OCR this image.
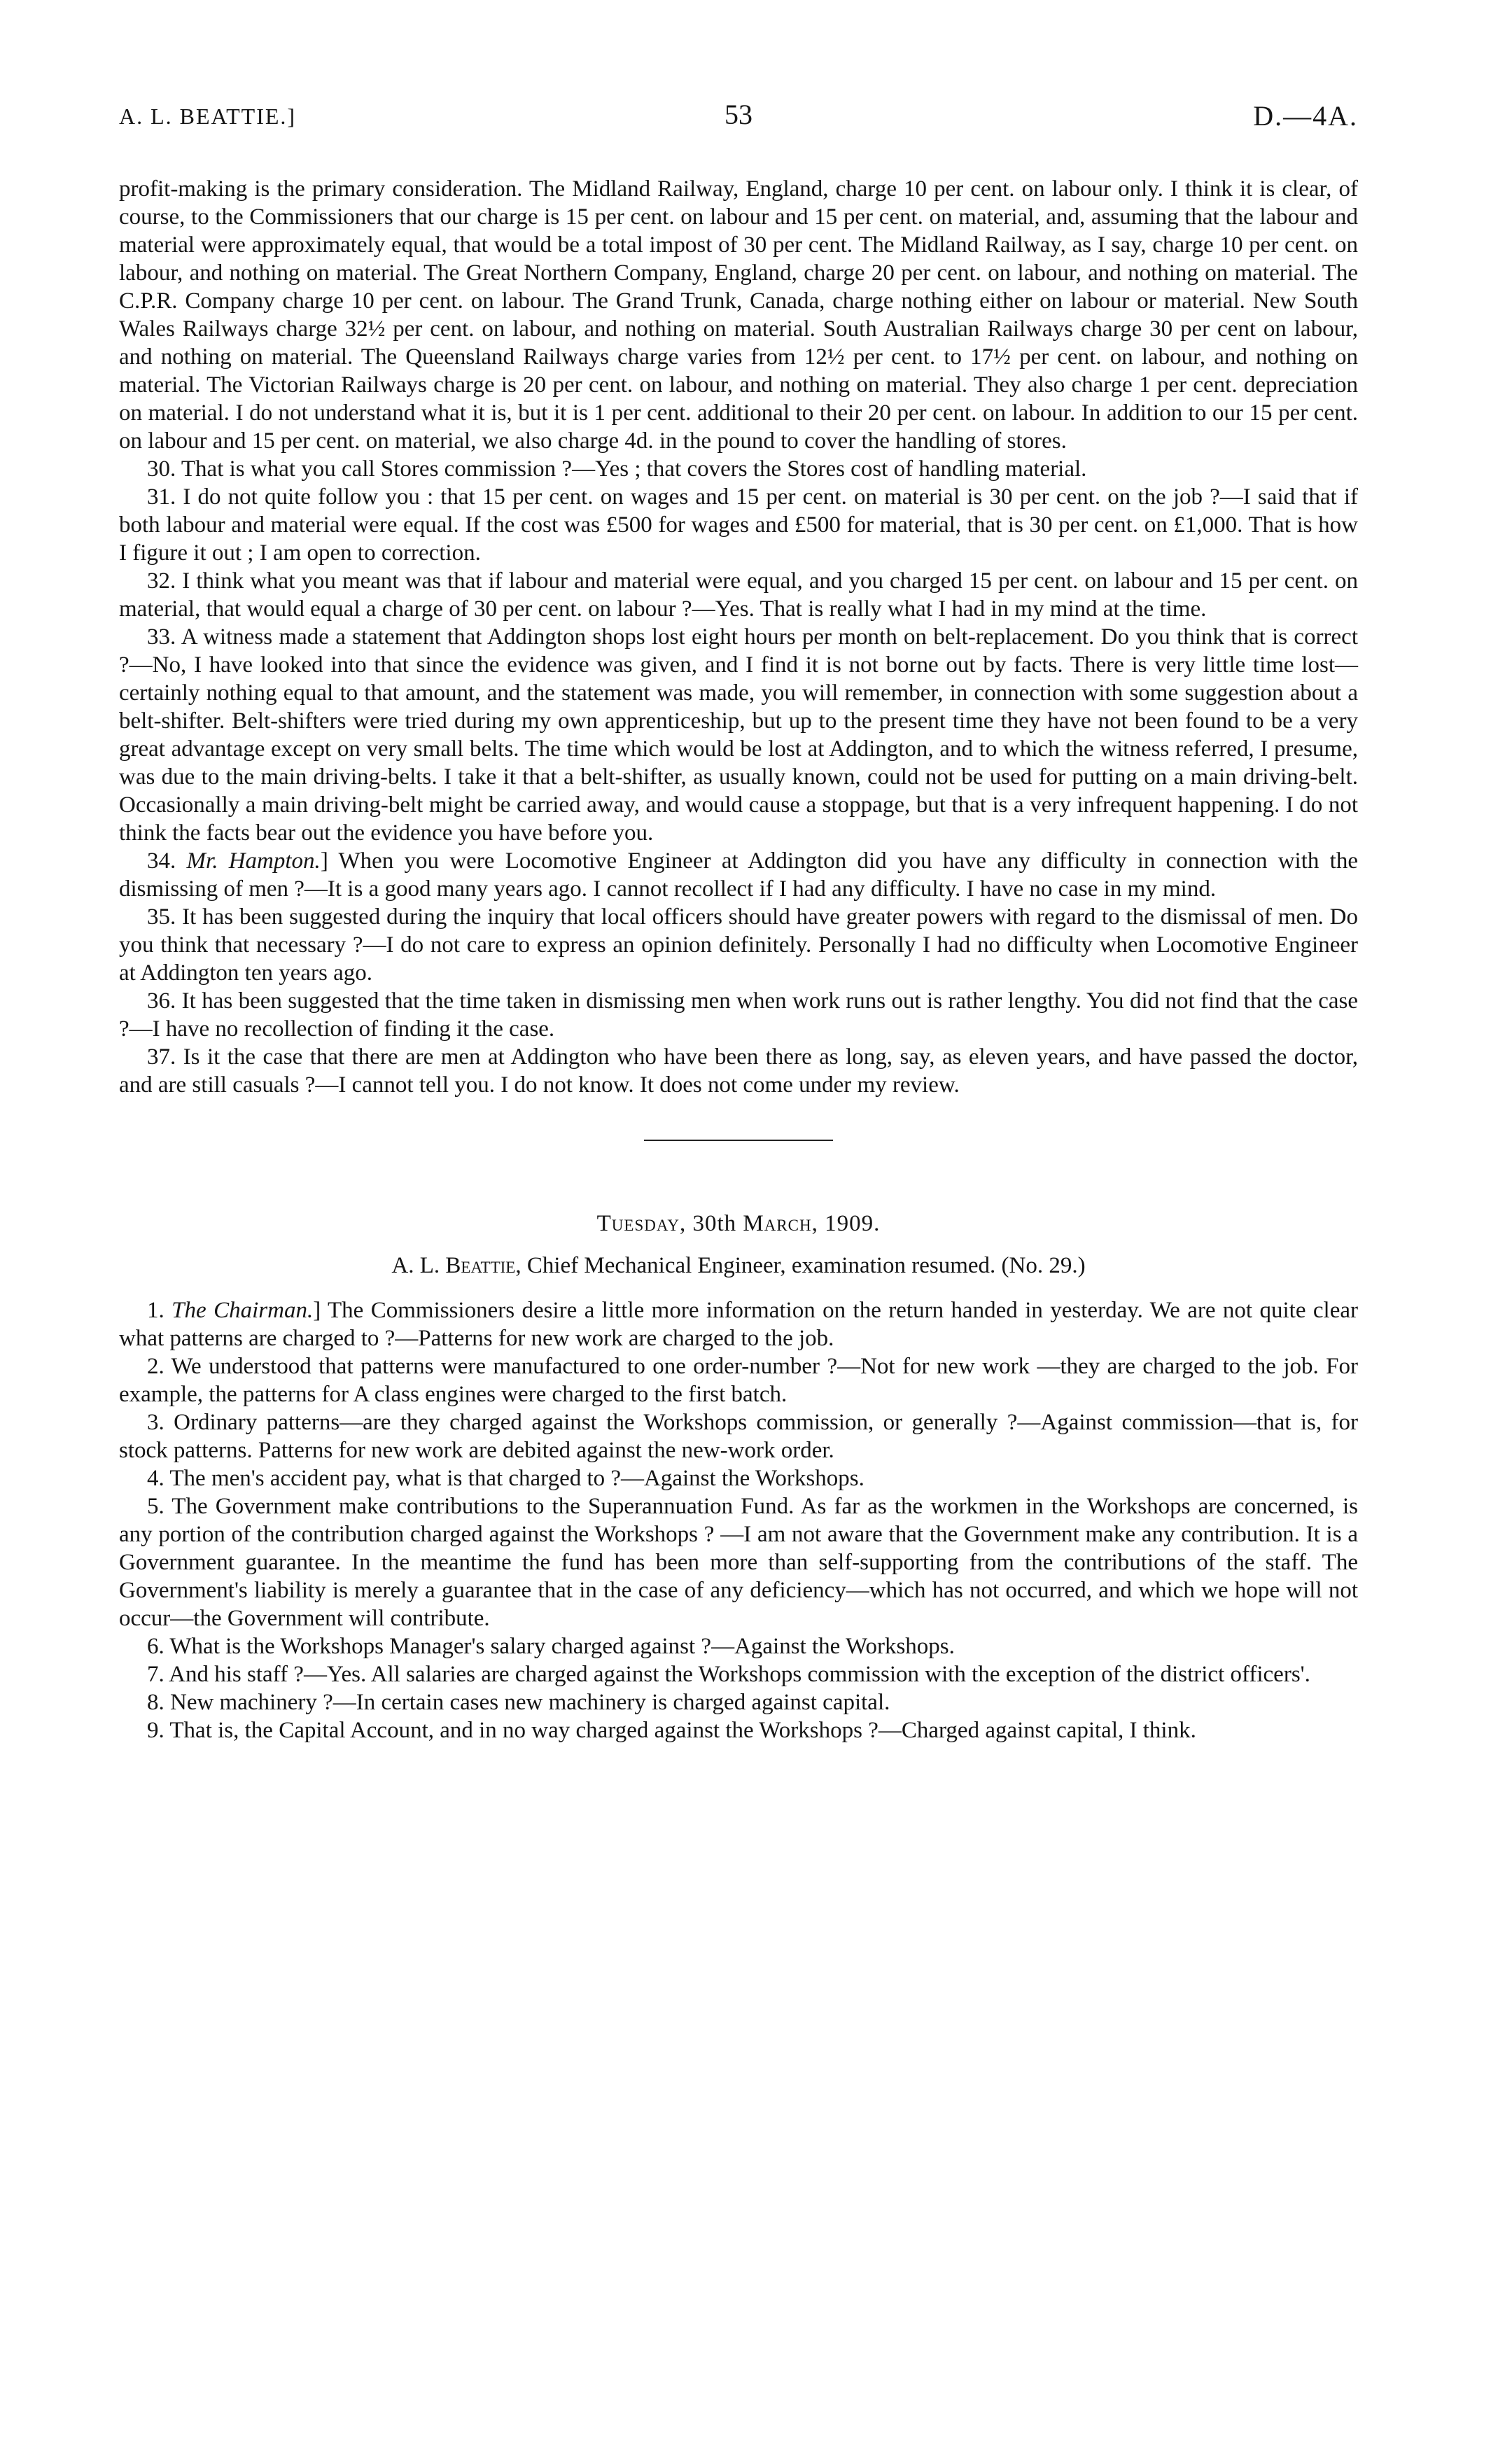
A. L. BEATTIE.]	53	D.—4A.

profit-making is the primary consideration. The Midland Railway, England, charge 10 per cent. on labour only. I think it is clear, of course, to the Commissioners that our charge is 15 per cent. on labour and 15 per cent. on material, and, assuming that the labour and material were approximately equal, that would be a total impost of 30 per cent. The Midland Railway, as I say, charge 10 per cent. on labour, and nothing on material. The Great Northern Company, England, charge 20 per cent. on labour, and nothing on material. The C.P.R. Company charge 10 per cent. on labour. The Grand Trunk, Canada, charge nothing either on labour or material. New South Wales Railways charge 32½ per cent. on labour, and nothing on material. South Australian Railways charge 30 per cent on labour, and nothing on material. The Queensland Railways charge varies from 12½ per cent. to 17½ per cent. on labour, and nothing on material. The Victorian Railways charge is 20 per cent. on labour, and nothing on material. They also charge 1 per cent. depreciation on material. I do not understand what it is, but it is 1 per cent. additional to their 20 per cent. on labour. In addition to our 15 per cent. on labour and 15 per cent. on material, we also charge 4d. in the pound to cover the handling of stores.

30. That is what you call Stores commission ?—Yes ; that covers the Stores cost of handling material.

31. I do not quite follow you : that 15 per cent. on wages and 15 per cent. on material is 30 per cent. on the job ?—I said that if both labour and material were equal. If the cost was £500 for wages and £500 for material, that is 30 per cent. on £1,000. That is how I figure it out ; I am open to correction.

32. I think what you meant was that if labour and material were equal, and you charged 15 per cent. on labour and 15 per cent. on material, that would equal a charge of 30 per cent. on labour ?—Yes. That is really what I had in my mind at the time.

33. A witness made a statement that Addington shops lost eight hours per month on belt-replacement. Do you think that is correct ?—No, I have looked into that since the evidence was given, and I find it is not borne out by facts. There is very little time lost—certainly nothing equal to that amount, and the statement was made, you will remember, in connection with some suggestion about a belt-shifter. Belt-shifters were tried during my own apprenticeship, but up to the present time they have not been found to be a very great advantage except on very small belts. The time which would be lost at Addington, and to which the witness referred, I presume, was due to the main driving-belts. I take it that a belt-shifter, as usually known, could not be used for putting on a main driving-belt. Occasionally a main driving-belt might be carried away, and would cause a stoppage, but that is a very infrequent happening. I do not think the facts bear out the evidence you have before you.

34. Mr. Hampton.] When you were Locomotive Engineer at Addington did you have any difficulty in connection with the dismissing of men ?—It is a good many years ago. I cannot recollect if I had any difficulty. I have no case in my mind.

35. It has been suggested during the inquiry that local officers should have greater powers with regard to the dismissal of men. Do you think that necessary ?—I do not care to express an opinion definitely. Personally I had no difficulty when Locomotive Engineer at Addington ten years ago.

36. It has been suggested that the time taken in dismissing men when work runs out is rather lengthy. You did not find that the case ?—I have no recollection of finding it the case.

37. Is it the case that there are men at Addington who have been there as long, say, as eleven years, and have passed the doctor, and are still casuals ?—I cannot tell you. I do not know. It does not come under my review.

Tuesday, 30th March, 1909.
A. L. Beattie, Chief Mechanical Engineer, examination resumed. (No. 29.)

1. The Chairman.] The Commissioners desire a little more information on the return handed in yesterday. We are not quite clear what patterns are charged to ?—Patterns for new work are charged to the job.

2. We understood that patterns were manufactured to one order-number ?—Not for new work —they are charged to the job. For example, the patterns for A class engines were charged to the first batch.

3. Ordinary patterns—are they charged against the Workshops commission, or generally ?—Against commission—that is, for stock patterns. Patterns for new work are debited against the new-work order.

4. The men's accident pay, what is that charged to ?—Against the Workshops.

5. The Government make contributions to the Superannuation Fund. As far as the workmen in the Workshops are concerned, is any portion of the contribution charged against the Workshops ? —I am not aware that the Government make any contribution. It is a Government guarantee. In the meantime the fund has been more than self-supporting from the contributions of the staff. The Government's liability is merely a guarantee that in the case of any deficiency—which has not occurred, and which we hope will not occur—the Government will contribute.

6. What is the Workshops Manager's salary charged against ?—Against the Workshops.

7. And his staff ?—Yes. All salaries are charged against the Workshops commission with the exception of the district officers'.

8. New machinery ?—In certain cases new machinery is charged against capital.

9. That is, the Capital Account, and in no way charged against the Workshops ?—Charged against capital, I think.
